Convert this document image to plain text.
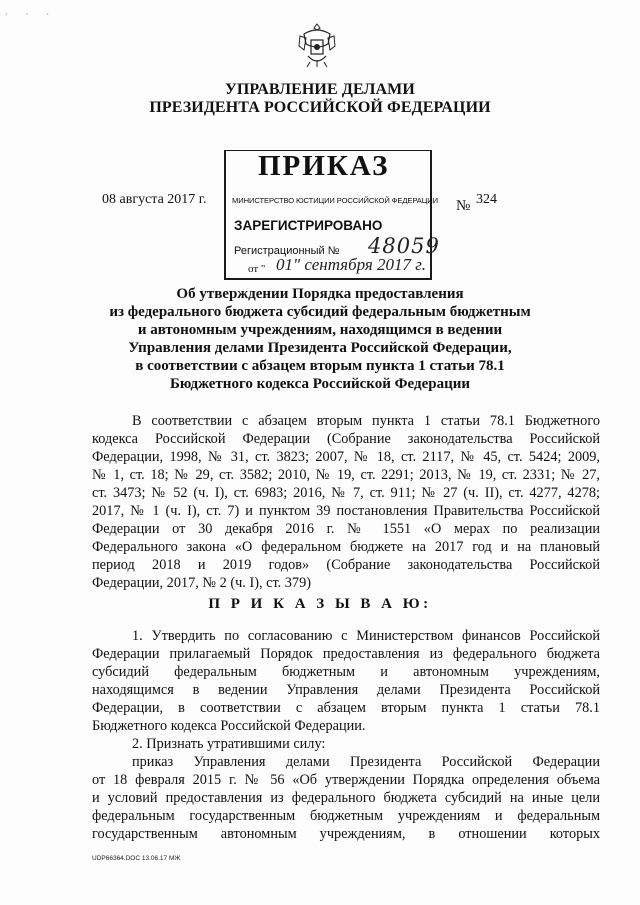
· · ·
УПРАВЛЕНИЕ ДЕЛАМИ
ПРЕЗИДЕНТА РОССИЙСКОЙ ФЕДЕРАЦИИ
ПРИКАЗ
МИНИСТЕРСТВО ЮСТИЦИИ РОССИЙСКОЙ ФЕДЕРАЦИИ
ЗАРЕГИСТРИРОВАНО
Регистрационный № 48059
от " 01" сентября 2017 г.
08 августа 2017 г.	№ 324
Об утверждении Порядка предоставления
из федерального бюджета субсидий федеральным бюджетным
и автономным учреждениям, находящимся в ведении
Управления делами Президента Российской Федерации,
в соответствии с абзацем вторым пункта 1 статьи 78.1
Бюджетного кодекса Российской Федерации
В соответствии с абзацем вторым пункта 1 статьи 78.1 Бюджетного
кодекса Российской Федерации (Собрание законодательства Российской
Федерации, 1998, № 31, ст. 3823; 2007, № 18, ст. 2117, № 45, ст. 5424; 2009,
№ 1, ст. 18; № 29, ст. 3582; 2010, № 19, ст. 2291; 2013, № 19, ст. 2331; № 27,
ст. 3473; № 52 (ч. I), ст. 6983; 2016, № 7, ст. 911; № 27 (ч. II), ст. 4277, 4278;
2017, № 1 (ч. I), ст. 7) и пунктом 39 постановления Правительства Российской
Федерации от 30 декабря 2016 г. № 1551 «О мерах по реализации
Федерального закона «О федеральном бюджете на 2017 год и на плановый
период 2018 и 2019 годов» (Собрание законодательства Российской
Федерации, 2017, № 2 (ч. I), ст. 379)
П Р И К А З Ы В А Ю:
1. Утвердить по согласованию с Министерством финансов Российской
Федерации прилагаемый Порядок предоставления из федерального бюджета
субсидий федеральным бюджетным и автономным учреждениям,
находящимся в ведении Управления делами Президента Российской
Федерации, в соответствии с абзацем вторым пункта 1 статьи 78.1
Бюджетного кодекса Российской Федерации.
2. Признать утратившими силу:
приказ Управления делами Президента Российской Федерации
от 18 февраля 2015 г. № 56 «Об утверждении Порядка определения объема
и условий предоставления из федерального бюджета субсидий на иные цели
федеральным государственным бюджетным учреждениям и федеральным
государственным автономным учреждениям, в отношении которых
UDP66364.DOC 13.06.17 МЖ
